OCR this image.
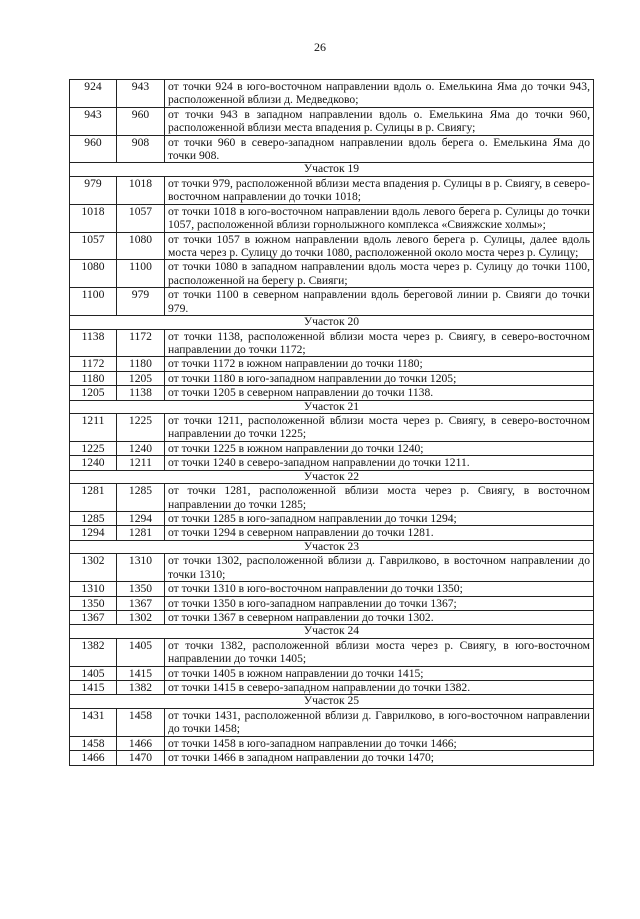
26
924	943	от точки 924 в юго-восточном направлении вдоль о. Емелькина Яма до точки 943, расположенной вблизи д. Медведково;
943	960	от точки 943 в западном направлении вдоль о. Емелькина Яма до точки 960, расположенной вблизи места впадения р. Сулицы в р. Свиягу;
960	908	от точки 960 в северо-западном направлении вдоль берега о. Емелькина Яма до точки 908.
Участок 19		
979	1018	от точки 979, расположенной вблизи места впадения р. Сулицы в р. Свиягу, в северо-восточном направлении до точки 1018;
1018	1057	от точки 1018 в юго-восточном направлении вдоль левого берега р. Сулицы до точки 1057, расположенной вблизи горнолыжного комплекса «Свияжские холмы»;
1057	1080	от точки 1057 в южном направлении вдоль левого берега р. Сулицы, далее вдоль моста через р. Сулицу до точки 1080, расположенной около моста через р. Сулицу;
1080	1100	от точки 1080 в западном направлении вдоль моста через р. Сулицу до точки 1100, расположенной на берегу р. Свияги;
1100	979	от точки 1100 в северном направлении вдоль береговой линии р. Свияги до точки 979.
Участок 20		
1138	1172	от точки 1138, расположенной вблизи моста через р. Свиягу, в северо-восточном направлении до точки 1172;
1172	1180	от точки 1172 в южном направлении до точки 1180;
1180	1205	от точки 1180 в юго-западном направлении до точки 1205;
1205	1138	от точки 1205 в северном направлении до точки 1138.
Участок 21		
1211	1225	от точки 1211, расположенной вблизи моста через р. Свиягу, в северо-восточном направлении до точки 1225;
1225	1240	от точки 1225 в южном направлении до точки 1240;
1240	1211	от точки 1240 в северо-западном направлении до точки 1211.
Участок 22		
1281	1285	от точки 1281, расположенной вблизи моста через р. Свиягу, в восточном направлении до точки 1285;
1285	1294	от точки 1285 в юго-западном направлении до точки 1294;
1294	1281	от точки 1294 в северном направлении до точки 1281.
Участок 23		
1302	1310	от точки 1302, расположенной вблизи д. Гаврилково, в восточном направлении до точки 1310;
1310	1350	от точки 1310 в юго-восточном направлении до точки 1350;
1350	1367	от точки 1350 в юго-западном направлении до точки 1367;
1367	1302	от точки 1367 в северном направлении до точки 1302.
Участок 24		
1382	1405	от точки 1382, расположенной вблизи моста через р. Свиягу, в юго-восточном направлении до точки 1405;
1405	1415	от точки 1405 в южном направлении до точки 1415;
1415	1382	от точки 1415 в северо-западном направлении до точки 1382.
Участок 25		
1431	1458	от точки 1431, расположенной вблизи д. Гаврилково, в юго-восточном направлении до точки 1458;
1458	1466	от точки 1458 в юго-западном направлении до точки 1466;
1466	1470	от точки 1466 в западном направлении до точки 1470;
